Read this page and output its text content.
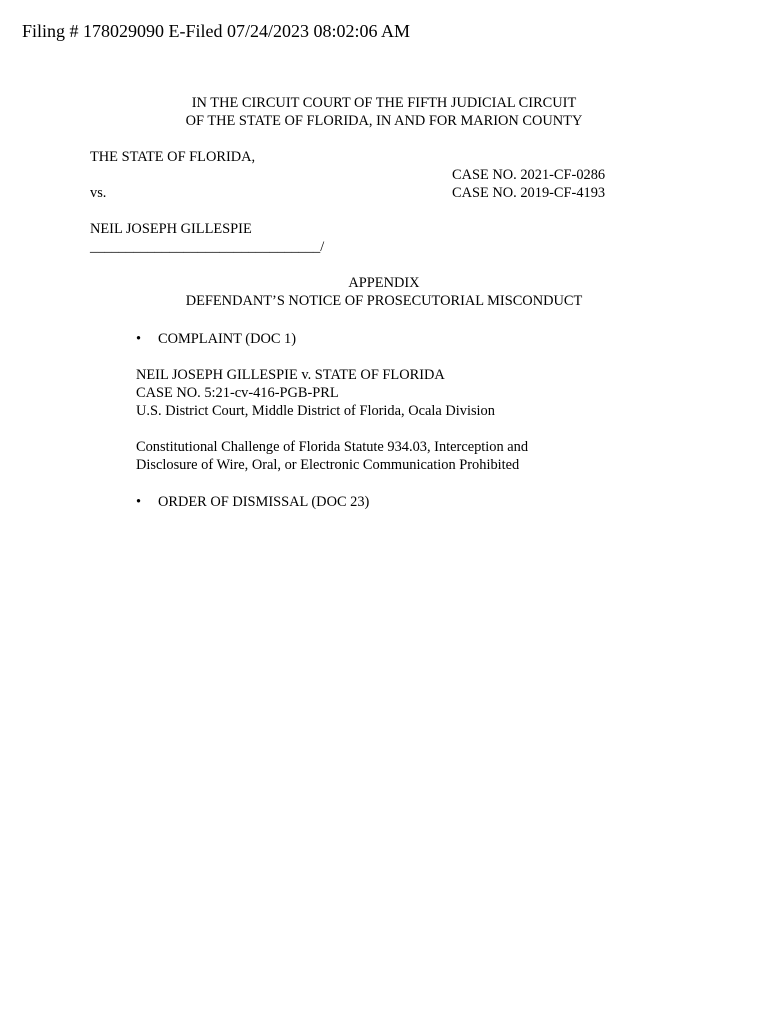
Filing # 178029090 E-Filed 07/24/2023 08:02:06 AM
IN THE CIRCUIT COURT OF THE FIFTH JUDICIAL CIRCUIT
OF THE STATE OF FLORIDA, IN AND FOR MARION COUNTY
THE STATE OF FLORIDA,
CASE NO. 2021-CF-0286
CASE NO. 2019-CF-4193
vs.
NEIL JOSEPH GILLESPIE
________________________________/
APPENDIX
DEFENDANT’S NOTICE OF PROSECUTORIAL MISCONDUCT
• COMPLAINT (DOC 1)
NEIL JOSEPH GILLESPIE v. STATE OF FLORIDA
CASE NO. 5:21-cv-416-PGB-PRL
U.S. District Court, Middle District of Florida, Ocala Division
Constitutional Challenge of Florida Statute 934.03, Interception and
Disclosure of Wire, Oral, or Electronic Communication Prohibited
• ORDER OF DISMISSAL (DOC 23)
